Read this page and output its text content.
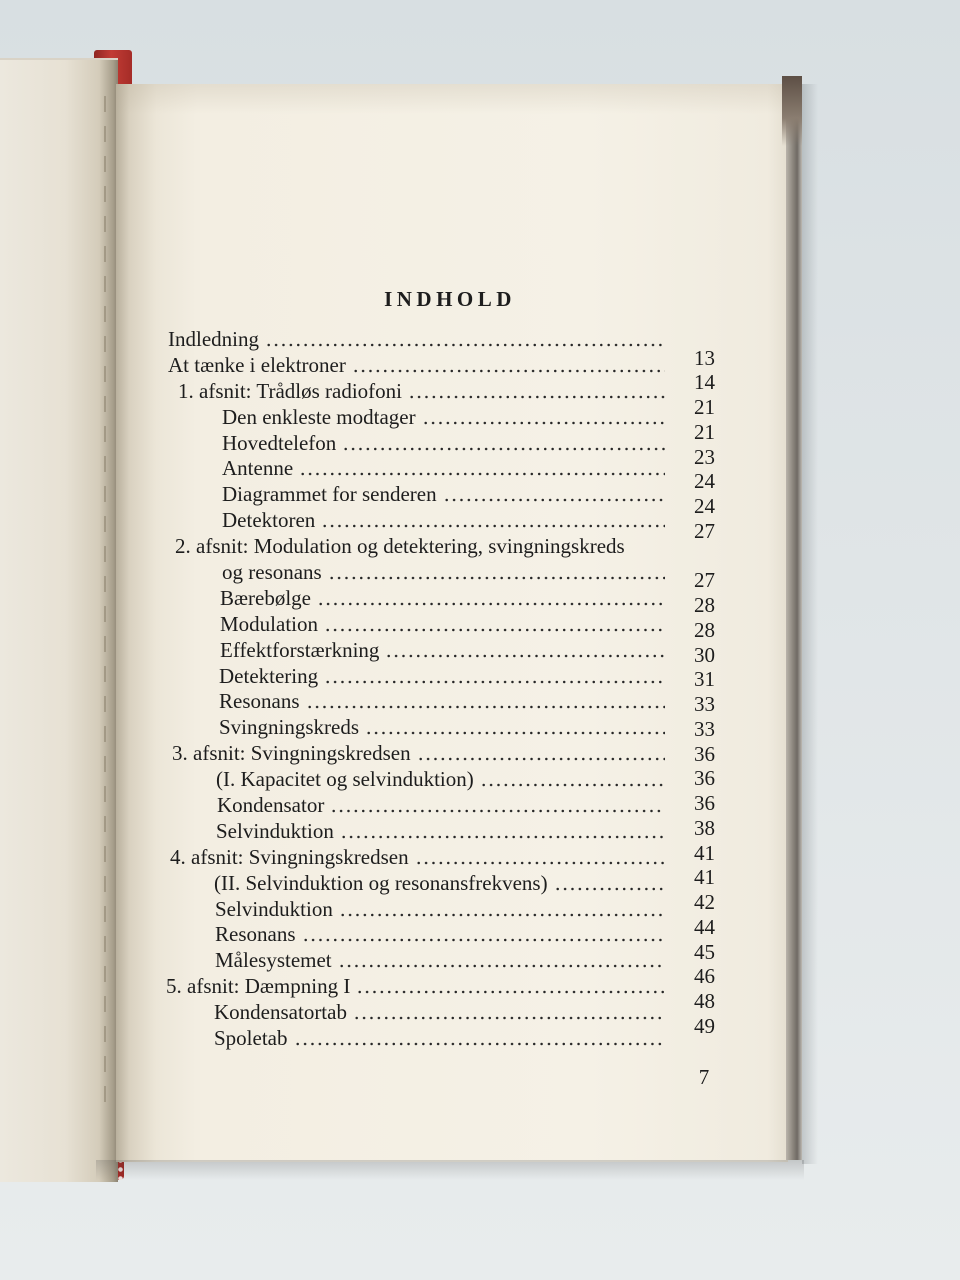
INDHOLD
Indledning
At tænke i elektroner
1. afsnit: Trådløs radiofoni
Den enkleste modtager
Hovedtelefon
Antenne
Diagrammet for senderen
Detektoren
2. afsnit: Modulation og detektering, svingningskreds
og resonans
Bærebølge
Modulation
Effektforstærkning
Detektering
Resonans
Svingningskreds
3. afsnit: Svingningskredsen
(I. Kapacitet og selvinduktion)
Kondensator
Selvinduktion
4. afsnit: Svingningskredsen
(II. Selvinduktion og resonansfrekvens)
Selvinduktion
Resonans
Målesystemet
5. afsnit: Dæmpning I
Kondensatortab
Spoletab
13
14
21
21
23
24
24
27
27
28
28
30
31
33
33
36
36
36
38
41
41
42
44
45
46
48
49
7
